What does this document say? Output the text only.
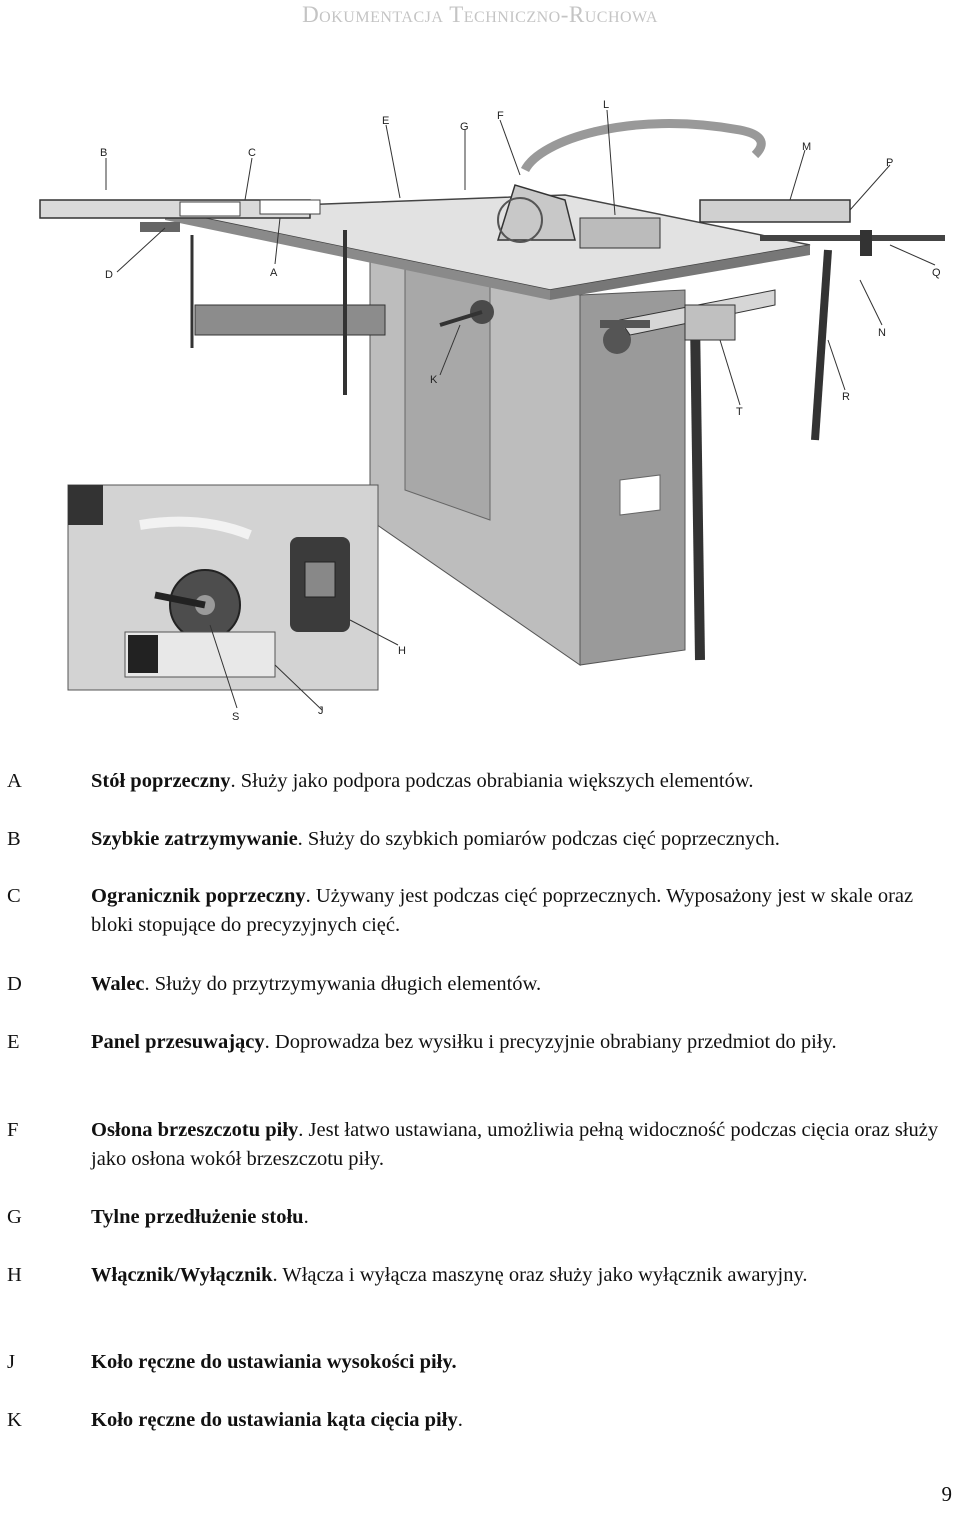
Dokumentacja Techniczno-Ruchowa
B	C
D	A
E	G
F
L
M
P
Q
N
R
T
K
H
S	J
A	Stół poprzeczny. Służy jako podpora podczas obrabiania większych elementów.
B	Szybkie zatrzymywanie. Służy do szybkich pomiarów podczas cięć poprzecznych.
C	Ogranicznik poprzeczny. Używany jest podczas cięć poprzecznych. Wyposażony jest w skale oraz bloki stopujące do precyzyjnych cięć.
D	Walec. Służy do przytrzymywania długich elementów.
E	Panel przesuwający. Doprowadza bez wysiłku i precyzyjnie obrabiany przedmiot do piły.
F	Osłona brzeszczotu piły. Jest łatwo ustawiana, umożliwia pełną widoczność podczas cięcia oraz służy jako osłona wokół brzeszczotu piły.
G	Tylne przedłużenie stołu.
H	Włącznik/Wyłącznik. Włącza i wyłącza maszynę oraz służy jako wyłącznik awaryjny.
J	Koło ręczne do ustawiania wysokości piły.
K	Koło ręczne do ustawiania kąta cięcia piły.
9
